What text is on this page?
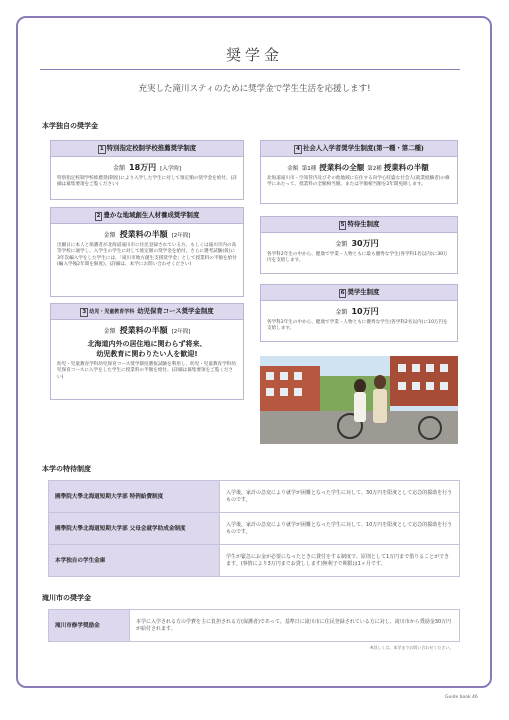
奨学金
充実した滝川スティのために奨学金で学生生活を応援します!
本学独自の奨学金
1 特別指定校制学校推薦奨学制度
金額 18万円 [入学時]
特別指定校制学校推薦奨(制度)により入学した学生に対して推定額の奨学金を給付。(詳細は募集要項をご覧ください)
2 豊かな地域創生人材養成奨学制度
金額 授業料の半額 [2年間]
出願日に本人と保護者が北海道滝川市に住民登録されている方、もしくは滝川市内の高等学校に通学し、入学生の学生に対して推定額の奨学金を給付。さらに選考試験(仮)に3年次編入学をした学生には、「滝川市地方創生支援奨学金」として授業料の半額を給付(編入学後2年間を限度)。(詳細は、本学にお問い合わせください)
3 幼児・児童教育学科 幼児保育コース奨学金制度
金額 授業料の半額 [2年間]
北海道内外の居住地に関わらず将来、
幼児教育に関わりたい人を歓迎!
幼児・児童教育学科幼児保育コース奨学制度選抜試験を利用し、幼児・児童教育学科幼児保育コースに入学をした学生に授業料の半額を給付。(詳細は募集要項をご覧ください)
4 社会人入学者奨学生制度(第一種・第二種)
金額 第1種 授業料の全額 第2種 授業料の半額
北海道滝川市・空知管内及びその他地域に在住する向学心旺盛な社会人(就業経験者)の修学にあたって、授業料の全額相当額、または半額相当額を2年間免除します。
5 特待生制度
金額 30万円
各学科2年生の中から、健康で学業・人物ともに最も優秀な学生(各学科1名以内)に30万円を支給します。
6 奨学生制度
金額 10万円
各学科2年生の中から、健康で学業・人物ともに優秀な学生(各学科2名以内)に10万円を支給します。
本学の特待制度
國學院大學北海道短期大学部 特例給費制度	入学後、家計の急変により就学が困難となった学生に対して、30万円を限度として応急的援助を行うものです。
國學院大學北海道短期大学部 父母会就学助成金制度	入学後、家計の急変により就学が困難となった学生に対して、10万円を限度として応急的援助を行うものです。
本学独自の学生金庫	学生が緊急にお金が必要になったときに貸付をする制度で、原則として1万円まで借りることができます。(事情により3万円までお貸しします)無利子で期限は1ヶ月です。
滝川市の奨学金
滝川市修学奨励金	本学に入学される方の学費を主に負担される方(保護者)であって、基準日に滝川市に住民登録されている方に対し、滝川市から奨励金30万円が給付されます。
※詳しくは、本学までお問い合わせください。
Guide book 46
